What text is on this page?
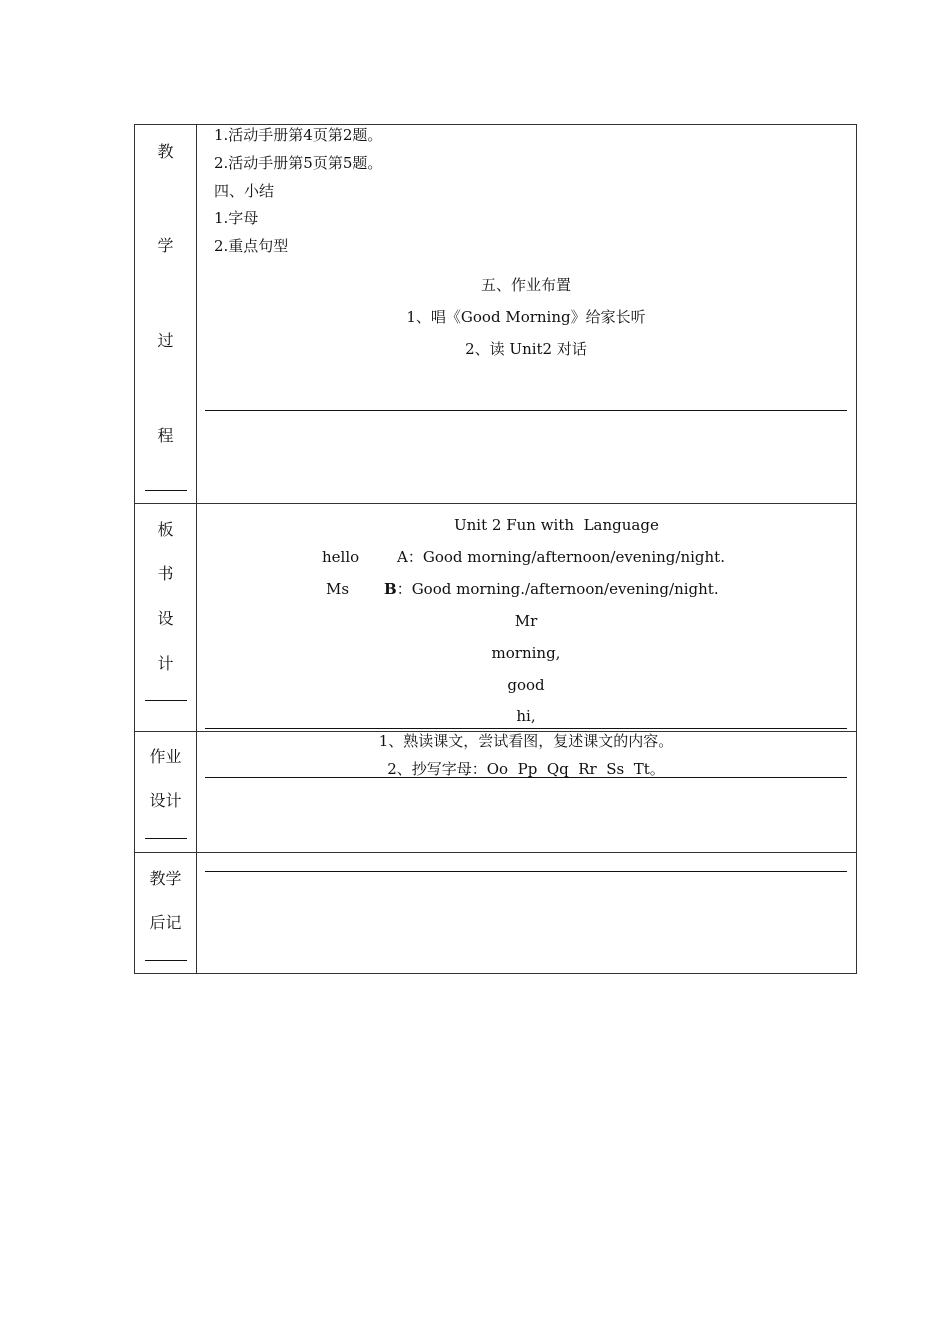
教
学
过
程
1.活动手册第4页第2题。
2.活动手册第5页第5题。
四、小结
1.字母
2.重点句型
五、作业布置
1、唱《Good Morning》给家长听
2、读 Unit2 对话
板
书
设
计
Unit 2 Fun with  Language
hello	A：Good morning/afternoon/evening/night.
Ms B：Good morning./afternoon/evening/night.
Mr
morning,
good
hi,
作业
设计
1、熟读课文，尝试看图，复述课文的内容。
2、抄写字母：Oo  Pp  Qq  Rr  Ss  Tt。
教学
后记
